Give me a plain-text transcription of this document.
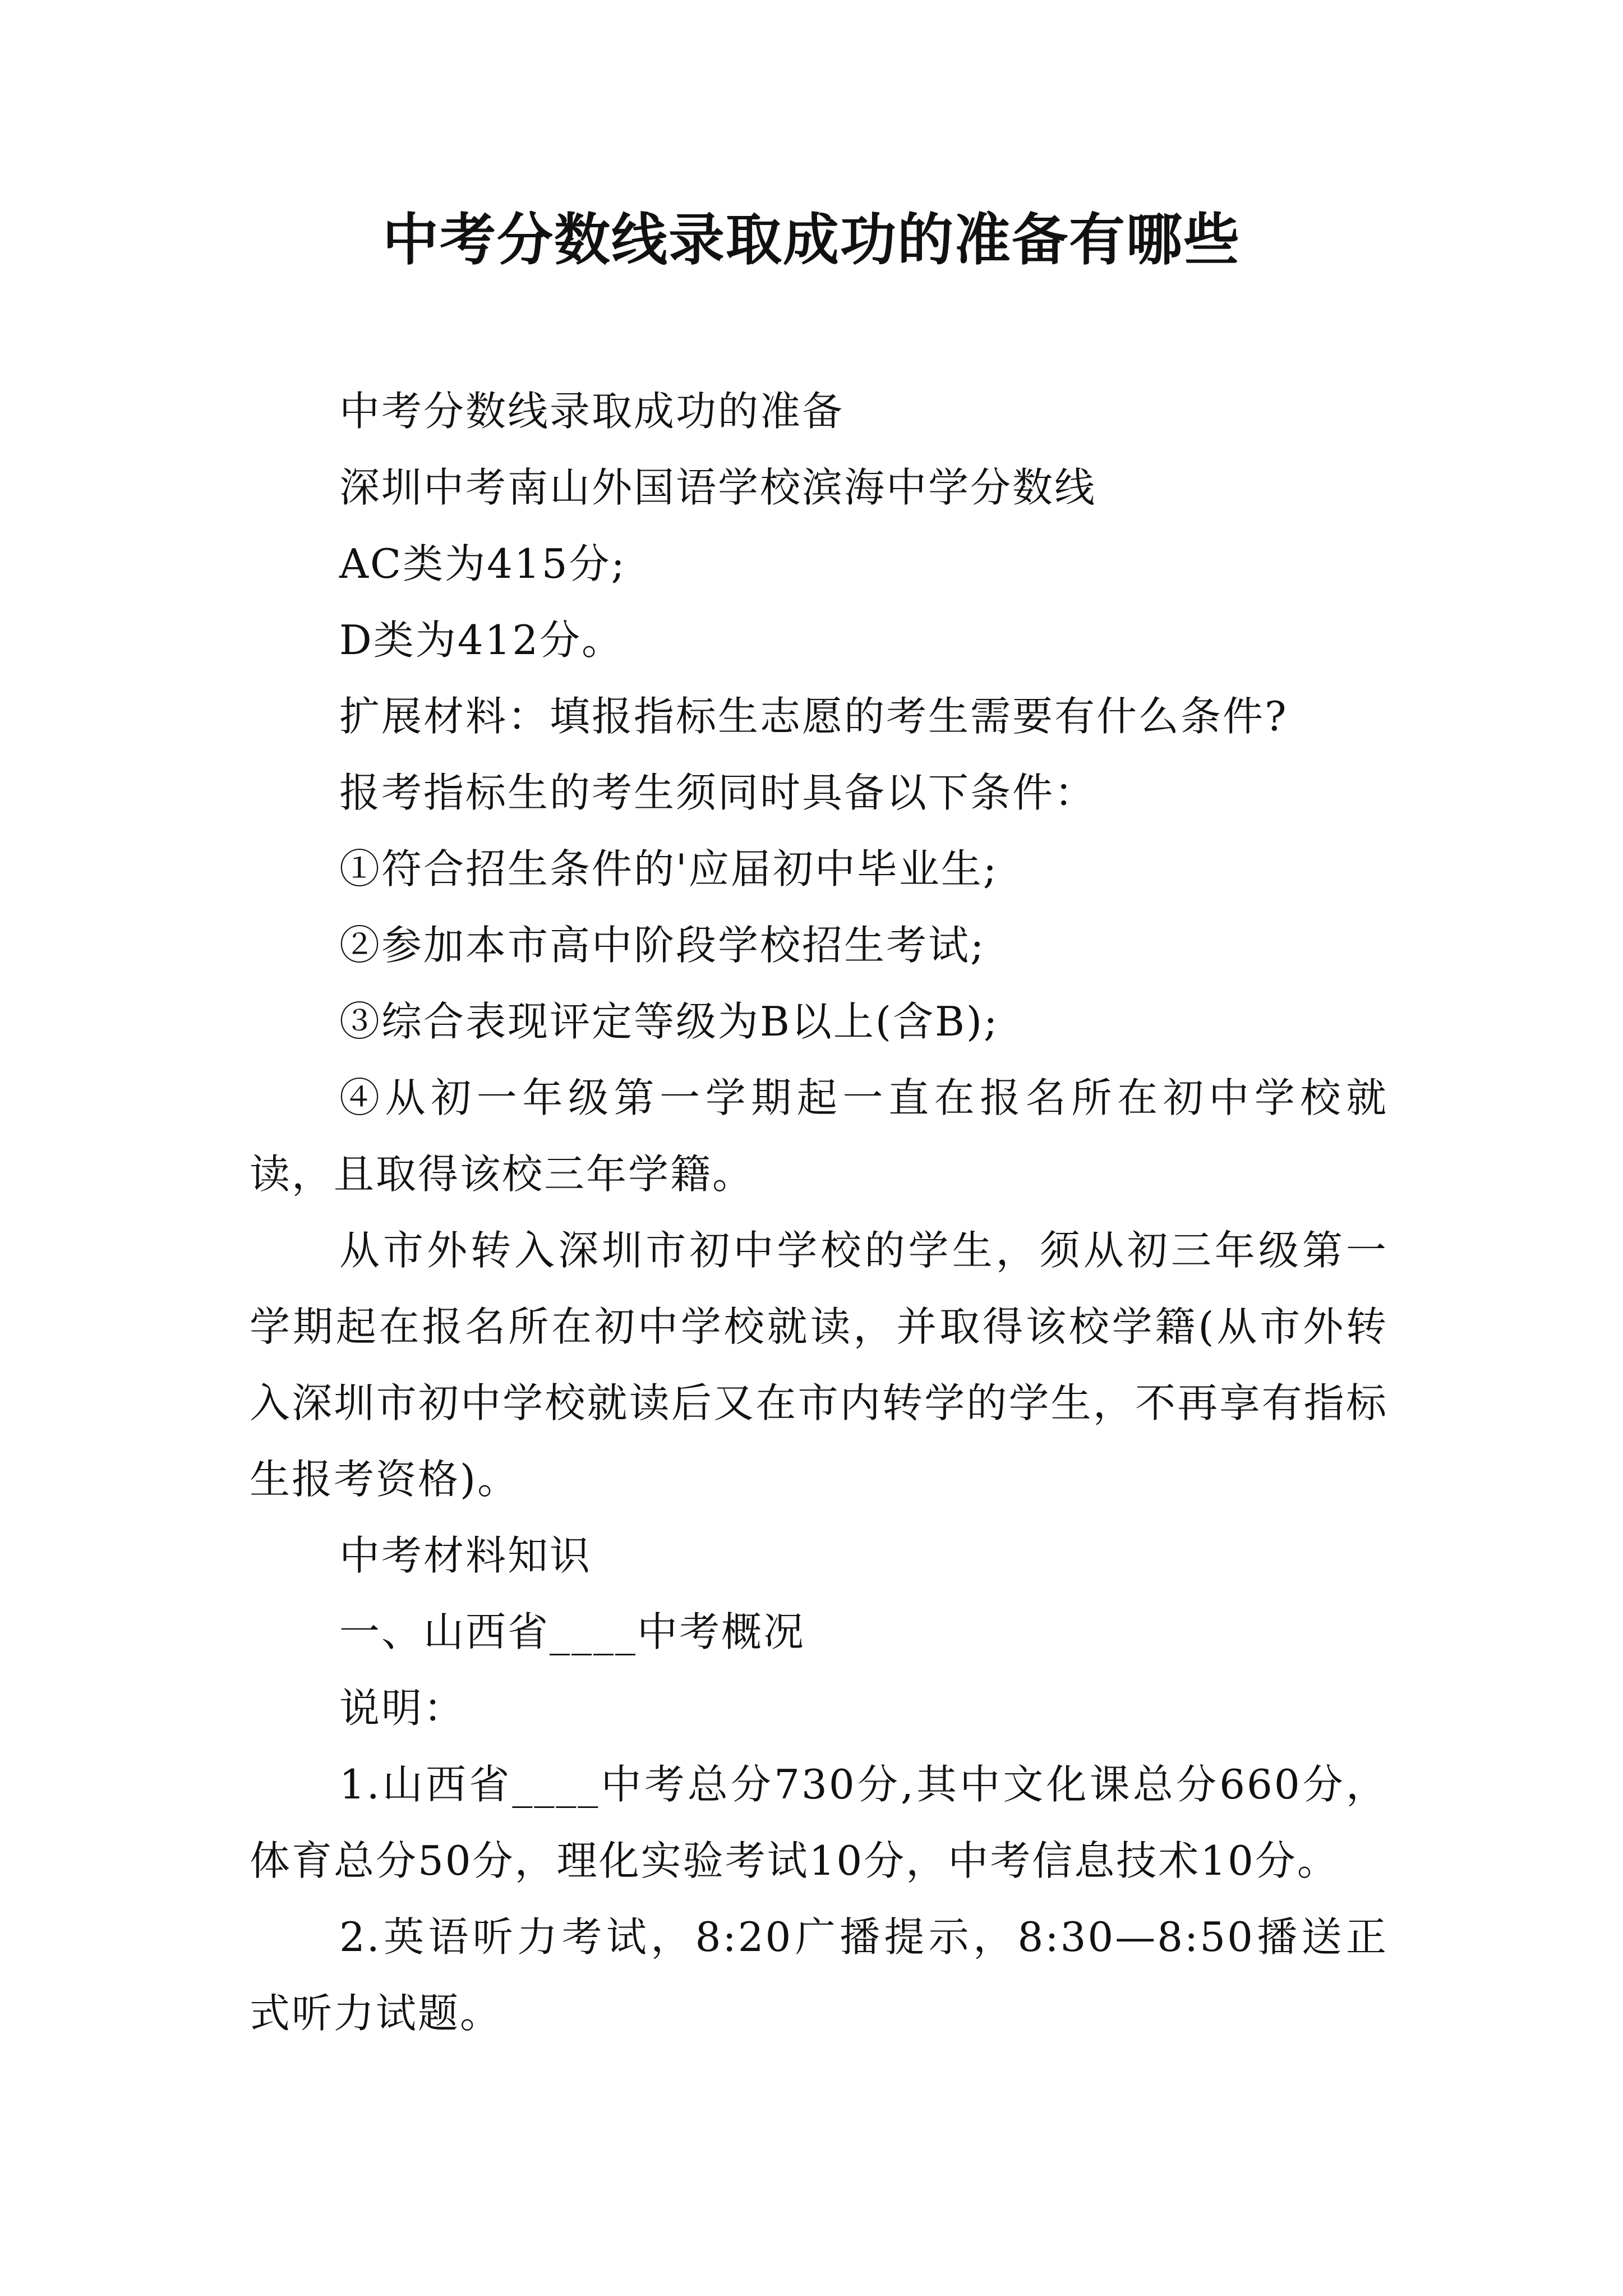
中考分数线录取成功的准备有哪些

中考分数线录取成功的准备

深圳中考南山外国语学校滨海中学分数线

AC类为415分;

D类为412分。

扩展材料：填报指标生志愿的考生需要有什么条件?

报考指标生的考生须同时具备以下条件：

①符合招生条件的'应届初中毕业生;

②参加本市高中阶段学校招生考试;

③综合表现评定等级为B以上(含B);

④从初一年级第一学期起一直在报名所在初中学校就读，且取得该校三年学籍。

从市外转入深圳市初中学校的学生，须从初三年级第一学期起在报名所在初中学校就读，并取得该校学籍(从市外转入深圳市初中学校就读后又在市内转学的学生，不再享有指标生报考资格)。

中考材料知识

一、山西省____中考概况

说明：

1.山西省____中考总分730分,其中文化课总分660分，体育总分50分，理化实验考试10分，中考信息技术10分。

2.英语听力考试，8:20广播提示，8:30—8:50播送正式听力试题。
